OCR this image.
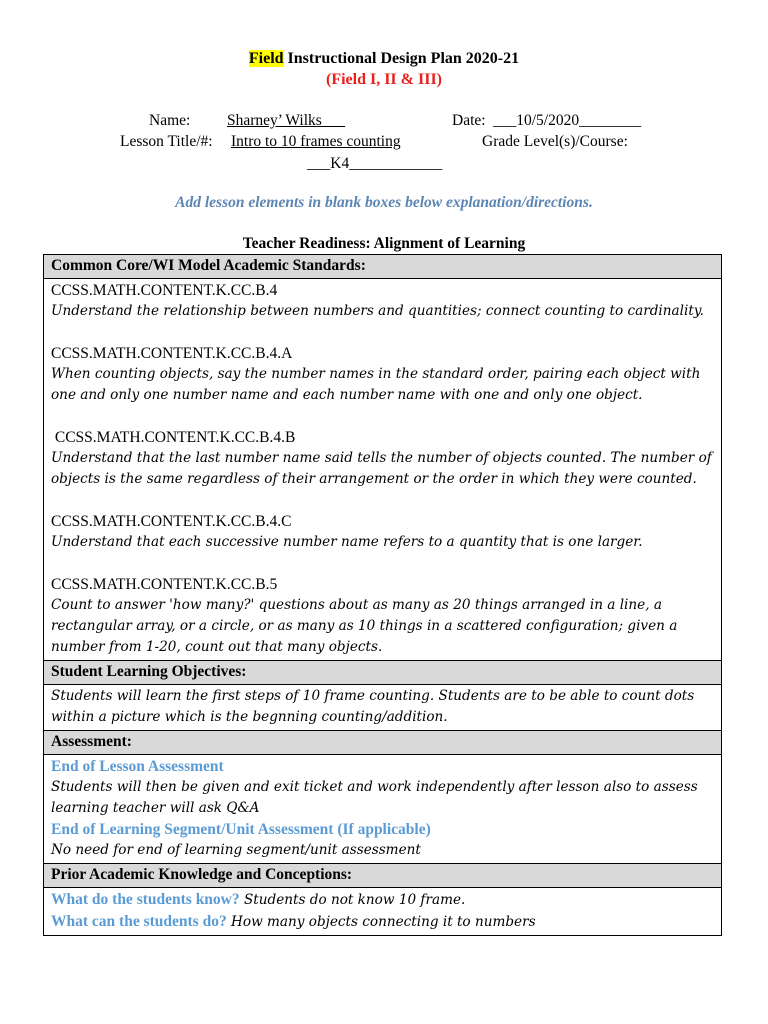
Field Instructional Design Plan 2020-21
(Field I, II & III)
Name: Sharney’ Wilks___	Date: ___10/5/2020________
Lesson Title/#: Intro to 10 frames counting	Grade Level(s)/Course:
___K4____________
Add lesson elements in blank boxes below explanation/directions.
Teacher Readiness: Alignment of Learning
Common Core/WI Model Academic Standards:

CCSS.MATH.CONTENT.K.CC.B.4
Understand the relationship between numbers and quantities; connect counting to cardinality.
CCSS.MATH.CONTENT.K.CC.B.4.A
When counting objects, say the number names in the standard order, pairing each object with one and only one number name and each number name with one and only one object.
CCSS.MATH.CONTENT.K.CC.B.4.B
Understand that the last number name said tells the number of objects counted. The number of objects is the same regardless of their arrangement or the order in which they were counted.
CCSS.MATH.CONTENT.K.CC.B.4.C
Understand that each successive number name refers to a quantity that is one larger.
CCSS.MATH.CONTENT.K.CC.B.5
Count to answer 'how many?' questions about as many as 20 things arranged in a line, a rectangular array, or a circle, or as many as 10 things in a scattered configuration; given a number from 1-20, count out that many objects.

Student Learning Objectives:

Students will learn the first steps of 10 frame counting. Students are to be able to count dots within a picture which is the begnning counting/addition.

Assessment:

End of Lesson Assessment
Students will then be given and exit ticket and work independently after lesson also to assess learning teacher will ask Q&A
End of Learning Segment/Unit Assessment (If applicable)
No need for end of learning segment/unit assessment

Prior Academic Knowledge and Conceptions:

What do the students know? Students do not know 10 frame.
What can the students do? How many objects connecting it to numbers
